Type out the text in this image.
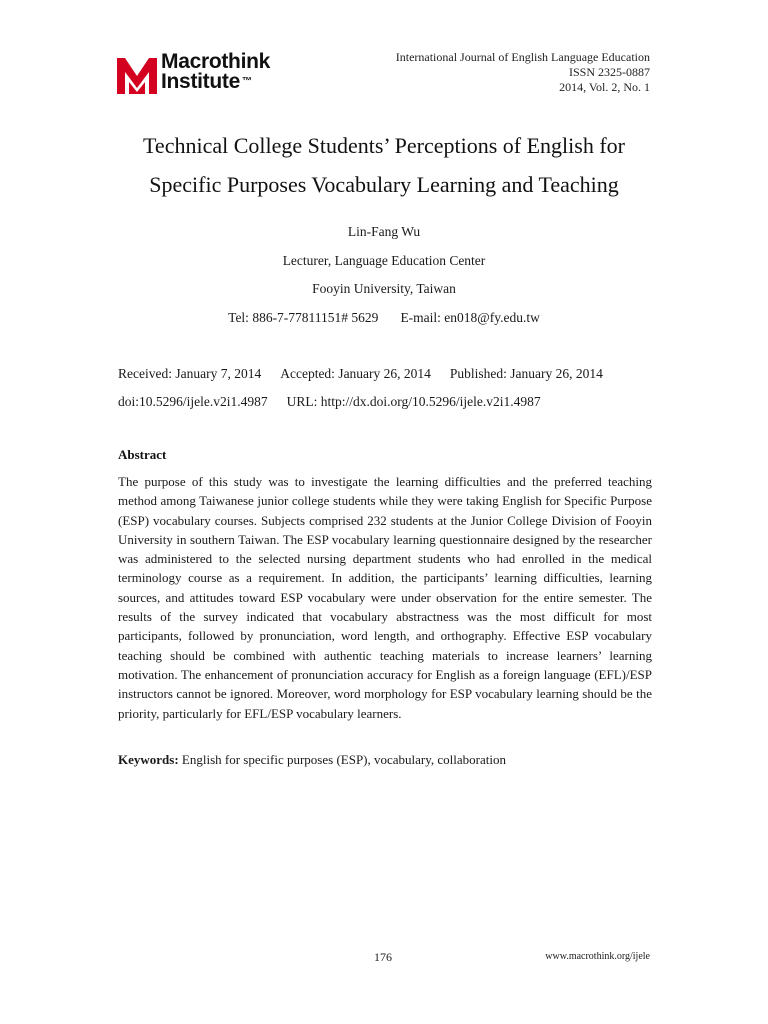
Macrothink
Institute ™
International Journal of English Language Education
ISSN 2325-0887
2014, Vol. 2, No. 1
Technical College Students’ Perceptions of English for
Specific Purposes Vocabulary Learning and Teaching
Lin-Fang Wu
Lecturer, Language Education Center
Fooyin University, Taiwan
Tel: 886-7-77811151# 5629 E-mail: en018@fy.edu.tw
Received: January 7, 2014 Accepted: January 26, 2014 Published: January 26, 2014
doi:10.5296/ijele.v2i1.4987 URL: http://dx.doi.org/10.5296/ijele.v2i1.4987
Abstract

The purpose of this study was to investigate the learning difficulties and the preferred teaching method among Taiwanese junior college students while they were taking English for Specific Purpose (ESP) vocabulary courses. Subjects comprised 232 students at the Junior College Division of Fooyin University in southern Taiwan. The ESP vocabulary learning questionnaire designed by the researcher was administered to the selected nursing department students who had enrolled in the medical terminology course as a requirement. In addition, the participants’ learning difficulties, learning sources, and attitudes toward ESP vocabulary were under observation for the entire semester. The results of the survey indicated that vocabulary abstractness was the most difficult for most participants, followed by pronunciation, word length, and orthography. Effective ESP vocabulary teaching should be combined with authentic teaching materials to increase learners’ learning motivation. The enhancement of pronunciation accuracy for English as a foreign language (EFL)/ESP instructors cannot be ignored. Moreover, word morphology for ESP vocabulary learning should be the priority, particularly for EFL/ESP vocabulary learners.

Keywords: English for specific purposes (ESP), vocabulary, collaboration
176	www.macrothink.org/ijele
